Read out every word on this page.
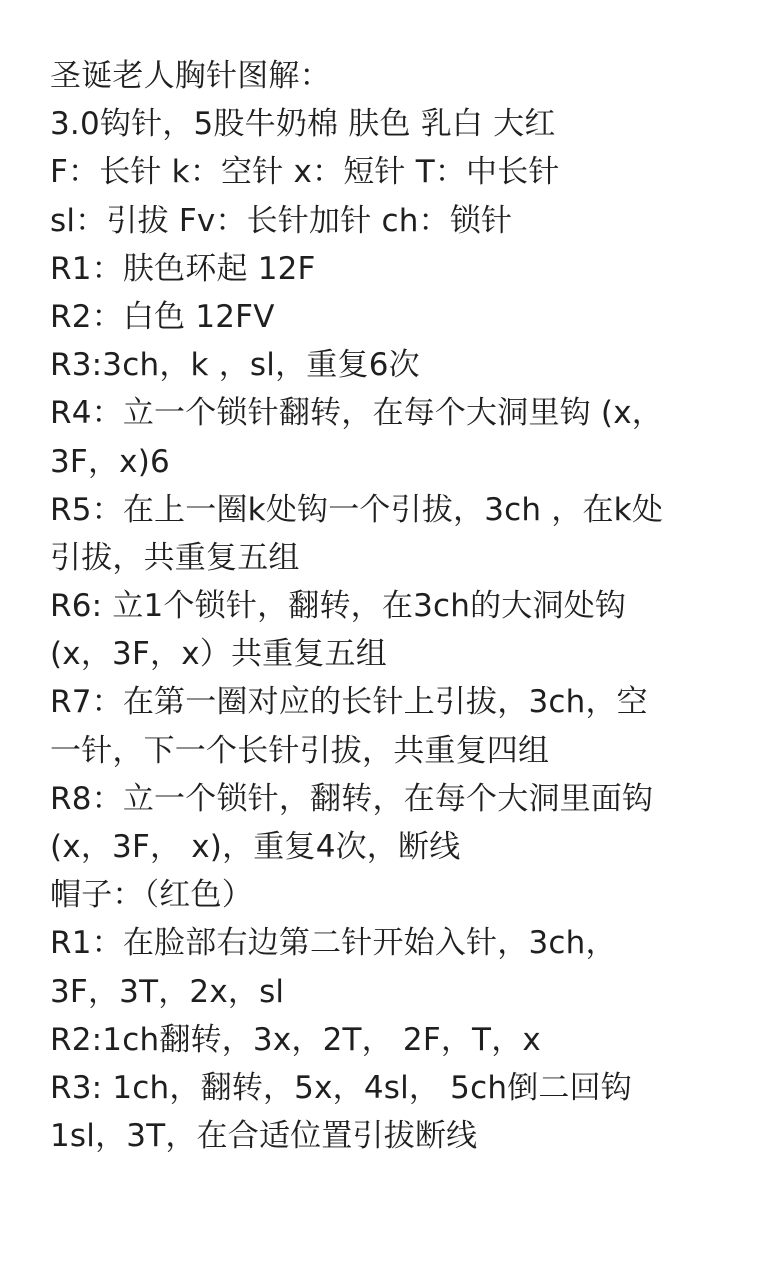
圣诞老人胸针图解：
3.0钩针，5股牛奶棉 肤色 乳白 大红
F：长针 k：空针 x：短针 T：中长针
sl：引拔 Fv：长针加针 ch：锁针
R1：肤色环起 12F
R2：白色 12FV
R3:3ch，k ，sl，重复6次
R4：立一个锁针翻转，在每个大洞里钩 (x，
3F，x)6
R5：在上一圈k处钩一个引拔，3ch ，在k处
引拔，共重复五组
R6: 立1个锁针，翻转，在3ch的大洞处钩
(x，3F，x）共重复五组
R7：在第一圈对应的长针上引拔，3ch，空
一针，下一个长针引拔，共重复四组
R8：立一个锁针，翻转，在每个大洞里面钩
(x，3F， x)，重复4次，断线
帽子：（红色）
R1：在脸部右边第二针开始入针，3ch，
3F，3T，2x，sl
R2:1ch翻转，3x，2T， 2F，T，x
R3: 1ch，翻转，5x，4sl， 5ch倒二回钩
1sl，3T，在合适位置引拔断线
